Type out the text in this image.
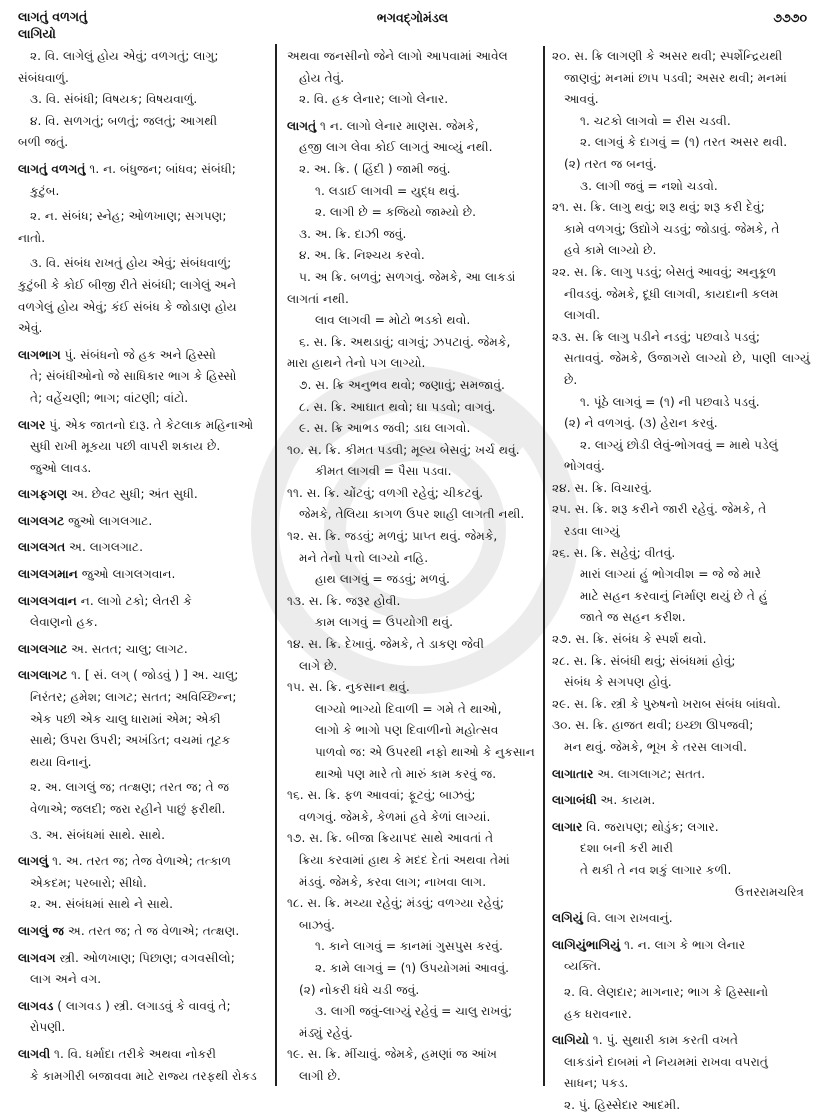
લાગતું વળગતું
લાગિયો
ભગવદ્ગોમંડલ	૭૭૭૦
૨. વિ. લાગેલું હોય એવું; વળગતું; લાગુ;
સંબંધવાળું.
૩. વિ. સંબંધી; વિષયક; વિષયવાળું.
૪. વિ. સળગતું; બળતું; જલતું; આગથી
બળી જતું.
લાગતું વળગતું ૧. ન. બંધુજન; બાંધવ; સંબંધી;
કુટુંબ.
૨. ન. સંબંધ; સ્નેહ; ઓળખાણ; સગપણ;
નાતો.
૩. વિ. સંબંધ રાખતું હોય એવું; સંબંધવાળું;
કુટુંબી કે કોઈ બીજી રીતે સંબંધી; લાગેલું અને
વળગેલું હોય એવું; કંઈ સંબંધ કે જોડાણ હોય
એવું.
લાગભાગ પું. સંબંધનો જે હક અને હિસ્સો
તે; સંબંધીઓનો જે સાધિકાર ભાગ કે હિસ્સો
તે; વહેંચણી; ભાગ; વાંટણી; વાંટો.
લાગર પું. એક જાતનો દારૂ. તે કેટલાક મહિનાઓ
સુધી રાખી મૂકયા પછી વાપરી શકાય છે.
જુઓ લાવડ.
લાગફગણ અ. છેવટ સુધી; અંત સુધી.
લાગલગટ જુઓ લાગલગાટ.
લાગલગત અ. લાગલગાટ.
લાગલગમાન જુઓ લાગલગવાન.
લાગલગવાન ન. લાગો ટકો; લેતરી કે
લેવાણનો હક.
લાગલગાટ અ. સતત; ચાલુ; લાગટ.
લાગલાગટ ૧. [ સં. લગ્ ( જોડવું ) ] અ. ચાલુ;
નિરંતર; હમેશ; લાગટ; સતત; અવિચ્છિન્ન;
એક પછી એક ચાલુ ધારામાં એમ; એકી
સાથે; ઉપરા ઉપરી; અખંડિત; વચમાં તૂટક
થયા વિનાનું.
૨. અ. લાગલું જ; તત્ક્ષણ; તરત જ; તે જ
વેળાએ; જલદી; જરા રહીને પાછું ફરીથી.
૩. અ. સંબંધમાં સાથે. સાથે.
લાગલું ૧. અ. તરત જ; તેજ વેળાએ; તત્કાળ
એકદમ; પરબારો; સીધો.
૨. અ. સંબંધમાં સાથે ને સાથે.
લાગલું જ અ. તરત જ; તે જ વેળાએ; તત્ક્ષણ.
લાગવગ સ્ત્રી. ઓળખાણ; પિછાણ; વગવસીલો;
લાગ અને વગ.
લાગવડ ( લાગવડ ) સ્ત્રી. લગાડવું કે વાવવું તે;
રોપણી.
લાગવી ૧. વિ. ધર્માદા તરીકે અથવા નોકરી
કે કામગીરી બજાવવા માટે રાજ્ય તરફથી રોકડ
અથવા જનસીનો જેને લાગો આપવામાં આવેલ
હોય તેવું.
૨. વિ. હક લેનાર; લાગો લેનાર.
લાગતું ૧ ન. લાગો લેનાર માણસ. જેમકે,
હજી લાગ લેવા કોઈ લાગતું આવ્યું નથી.
૨. અ. ક્રિ. ( હિંદી ) જામી જવું.
૧. લડાઈ લાગવી = યુદ્ધ થવું.
૨. લાગી છે = કજિયો જામ્યો છે.
૩. અ. ક્રિ. દાઝી જવું.
૪. અ. ક્રિ. નિશ્ચય કરવો.
૫. અ ક્રિ. બળવું; સળગવું. જેમકે, આ લાકડાં
લાગતાં નથી.
લાવ લાગવી = મોટો ભડકો થવો.
૬. સ. ક્રિ. અથડાવું; વાગવું; ઝપટાવું. જેમકે,
મારા હાથને તેનો પગ લાગ્યો.
૭. સ. ક્રિ અનુભવ થવો; જણાવું; સમજાવું.
૮. સ. ક્રિ. આઘાત થવો; ઘા પડવો; વાગવું.
૯. સ. ક્રિ આભડ જવી; ડાઘ લાગવો.
૧૦. સ. ક્રિ. કીમત પડવી; મૂલ્ય બેસવું; ખર્ચ થવું.
કીમત લાગવી = પૈસા પડવા.
૧૧. સ. ક્રિ. ચોંટવું; વળગી રહેવું; ચીકટવું.
જેમકે, તેલિયા કાગળ ઉપર શાહી લાગતી નથી.
૧૨. સ. ક્રિ. જડવું; મળવું; પ્રાપ્ત થવું. જેમકે,
મને તેનો પત્તો લાગ્યો નહિ.
હાથ લાગવું = જડવું; મળવું.
૧૩. સ. ક્રિ. જરૂર હોવી.
કામ લાગવું = ઉપયોગી થવું.
૧૪. સ. ક્રિ. દેખાવું. જેમકે, તે ડાકણ જેવી
લાગે છે.
૧૫. સ. ક્રિ. નુકસાન થવું.
લાગ્યો ભાગ્યો દિવાળી = ગમે તે થાઓ,
લાગો કે ભાગો પણ દિવાળીનો મહોત્સવ
પાળવો જ: એ ઉપરથી નફો થાઓ કે નુકસાન
થાઓ પણ મારે તો મારું કામ કરવું જ.
૧૬. સ. ક્રિ. ફળ આવવાં; ફૂટવું; બાઝવું;
વળગવું. જેમકે, કેળમાં હવે કેળાં લાગ્યાં.
૧૭. સ. ક્રિ. બીજા ક્રિયાપદ સાથે આવતાં તે
ક્રિયા કરવામાં હાથ કે મદદ દેતાં અથવા તેમાં
મંડવું. જેમકે, કરવા લાગ; નાખવા લાગ.
૧૮. સ. ક્રિ. મચ્યા રહેવું; મંડવું; વળગ્યા રહેવું;
બાઝવું.
૧. કાને લાગવું = કાનમાં ગુસપુસ કરવું.
૨. કામે લાગવું = (૧) ઉપયોગમાં આવવું.
(૨) નોકરી ધંધે ચડી જવું.
૩. લાગી જવું-લાગ્યું રહેવું = ચાલુ રાખવું;
મંડ્યું રહેવું.
૧૯. સ. ક્રિ. મીંચાવું. જેમકે, હમણાં જ આંખ
લાગી છે.
૨૦. સ. ક્રિ લાગણી કે અસર થવી; સ્પર્શેન્દ્રિયથી
જાણવું; મનમાં છાપ પડવી; અસર થવી; મનમાં
આવવું.
૧. ચટકો લાગવો = રીસ ચડવી.
૨. લાગવું કે દાગવું = (૧) તરત અસર થવી.
(૨) તરત જ બનવું.
૩. લાગી જવું = નશો ચડવો.
૨૧. સ. ક્રિ. લાગુ થવું; શરૂ થવું; શરૂ કરી દેવું;
કામે વળગવું; ઉદ્યોગે ચડવું; જોડાવું. જેમકે, તે
હવે કામે લાગ્યો છે.
૨૨. સ. ક્રિ. લાગુ પડવું; બેસતું આવવું; અનુકૂળ
નીવડવું. જેમકે, દૂધી લાગવી, કાયદાની કલમ
લાગવી.
૨૩. સ. ક્રિ લાગુ પડીને નડવું; પછવાડે પડવું;
સતાવવું. જેમકે, ઉજાગરો લાગ્યો છે, પાણી લાગ્યું છે.
૧. પૂંઠે લાગવું = (૧) ની પછવાડે પડવું.
(૨) ને વળગવું. (૩) હેરાન કરવું.
૨. લાગ્યું છોડી લેવું-ભોગવવું = માથે પડેલું
ભોગવવું.
૨૪. સ. ક્રિ. વિચારવું.
૨૫. સ. ક્રિ. શરૂ કરીને જારી રહેવું. જેમકે, તે
રડવા લાગ્યું
૨૬. સ. ક્રિ. સહેવું; વીતવું.
મારાં લાગ્યાં હું ભોગવીશ = જે જે મારે
માટે સહન કરવાનું નિર્માણ થયું છે તે હું
જાતે જ સહન કરીશ.
૨૭. સ. ક્રિ. સંબંધ કે સ્પર્શ થવો.
૨૮. સ. ક્રિ. સંબંધી થવું; સંબંધમાં હોવું;
સંબંધ કે સગપણ હોવું.
૨૯. સ. ક્રિ. સ્ત્રી કે પુરુષનો ખરાબ સંબંધ બાંધવો.
૩૦. સ. ક્રિ. હાજત થવી; ઇચ્છા ઊપજવી;
મન થવું. જેમકે, ભૂખ કે તરસ લાગવી.
લાગાતાર અ. લાગલાગટ; સતત.
લાગાબંધી અ. કાયમ.
લાગાર વિ. જરાપણ; થોડુંક; લગાર.
દશા બની કરી મારી
તે થકી તે નવ શકું લાગાર કળી.
ઉત્તરરામચરિત્ર
લગિયું વિ. લાગ રાખવાનું.
લાગિયુંભાગિયું ૧. ન. લાગ કે ભાગ લેનાર
વ્યક્તિ.
૨. વિ. લેણદાર; માગનાર; ભાગ કે હિસ્સાનો
હક ધરાવનાર.
લાગિયો ૧. પું. સુથારી કામ કરતી વખતે
લાકડાંને દાબમાં ને નિયમમાં રાખવા વપરાતું
સાધન; પકડ.
૨. પું. હિસ્સેદાર આદમી.
